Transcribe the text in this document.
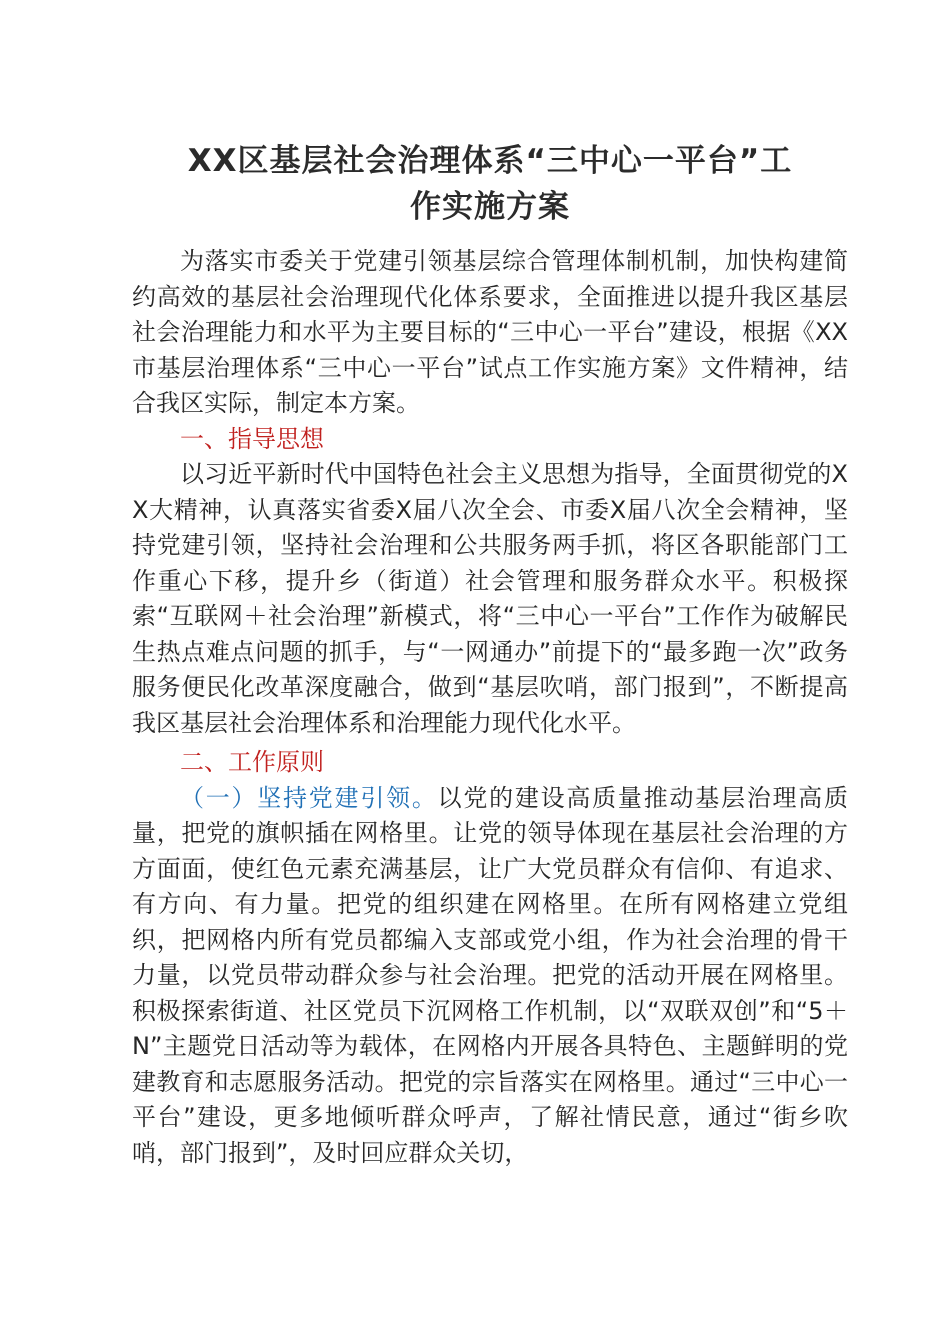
XX区基层社会治理体系“三中心一平台”工
作实施方案

为落实市委关于党建引领基层综合管理体制机制，加快构建简约高效的基层社会治理现代化体系要求，全面推进以提升我区基层社会治理能力和水平为主要目标的“三中心一平台”建设，根据《XX市基层治理体系“三中心一平台”试点工作实施方案》文件精神，结合我区实际，制定本方案。

一、指导思想

以习近平新时代中国特色社会主义思想为指导，全面贯彻党的XX大精神，认真落实省委X届八次全会、市委X届八次全会精神，坚持党建引领，坚持社会治理和公共服务两手抓，将区各职能部门工作重心下移，提升乡（街道）社会管理和服务群众水平。积极探索“互联网＋社会治理”新模式，将“三中心一平台”工作作为破解民生热点难点问题的抓手，与“一网通办”前提下的“最多跑一次”政务服务便民化改革深度融合，做到“基层吹哨，部门报到”，不断提高我区基层社会治理体系和治理能力现代化水平。

二、工作原则

（一）坚持党建引领。以党的建设高质量推动基层治理高质量，把党的旗帜插在网格里。让党的领导体现在基层社会治理的方方面面，使红色元素充满基层，让广大党员群众有信仰、有追求、有方向、有力量。把党的组织建在网格里。在所有网格建立党组织，把网格内所有党员都编入支部或党小组，作为社会治理的骨干力量，以党员带动群众参与社会治理。把党的活动开展在网格里。积极探索街道、社区党员下沉网格工作机制，以“双联双创”和“5＋N”主题党日活动等为载体，在网格内开展各具特色、主题鲜明的党建教育和志愿服务活动。把党的宗旨落实在网格里。通过“三中心一平台”建设，更多地倾听群众呼声，了解社情民意，通过“街乡吹哨，部门报到”，及时回应群众关切，
